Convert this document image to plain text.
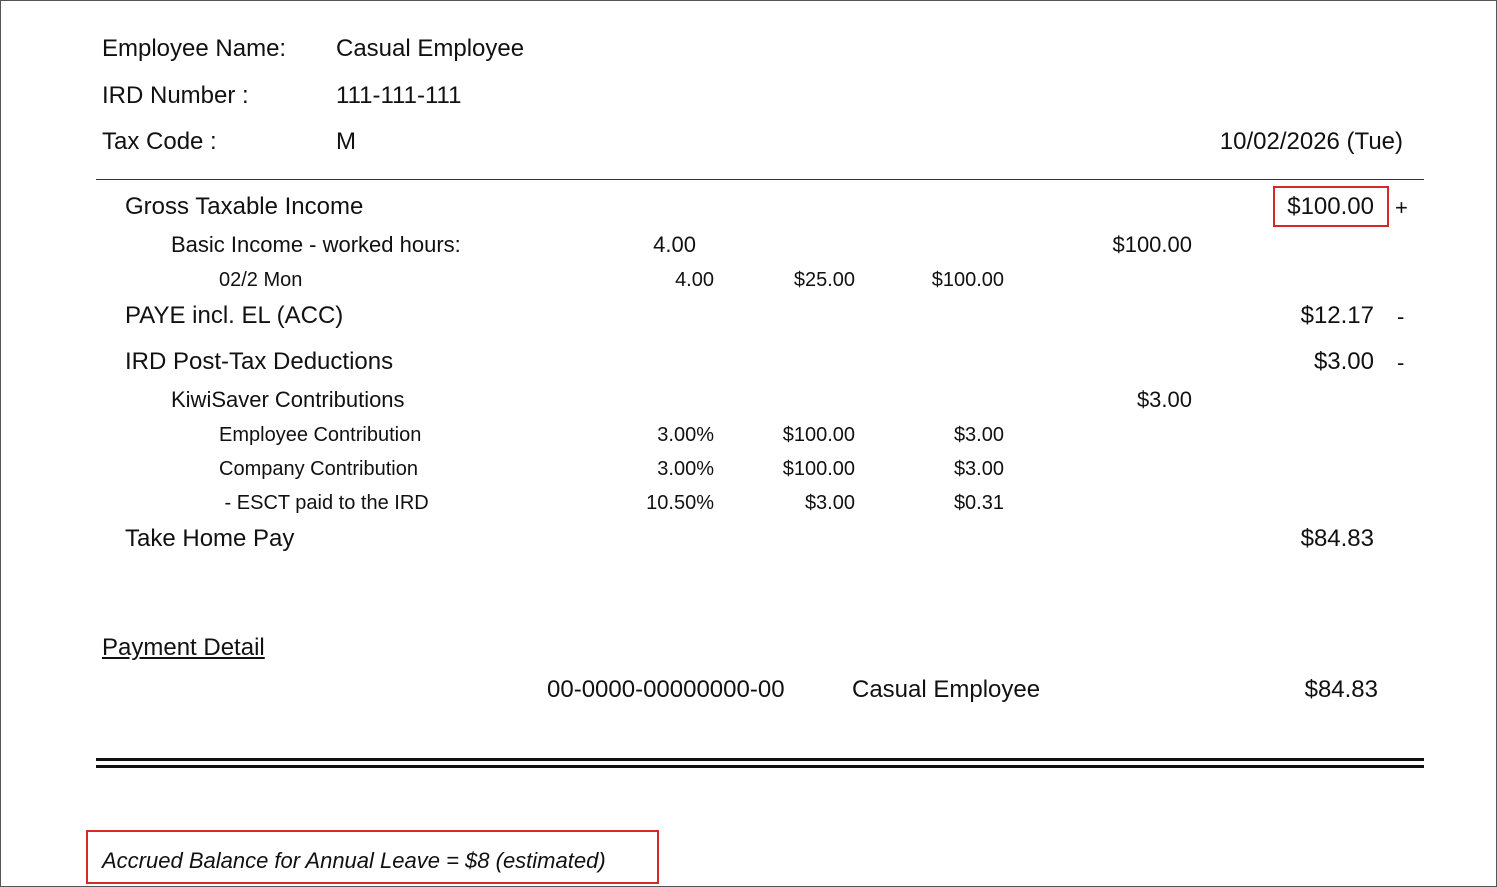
Employee Name: Casual Employee
IRD Number :	111-111-111
Tax Code :	M	10/02/2026 (Tue)
Gross Taxable Income	$100.00 +
Basic Income - worked hours:	4.00	$100.00
02/2 Mon	4.00	$25.00	$100.00
PAYE incl. EL (ACC)	$12.17 -
IRD Post-Tax Deductions	$3.00 -
KiwiSaver Contributions	$3.00
Employee Contribution	3.00%	$100.00	$3.00
Company Contribution	3.00%	$100.00	$3.00
- ESCT paid to the IRD	10.50%	$3.00	$0.31
Take Home Pay	$84.83
Payment Detail
00-0000-00000000-00	Casual Employee	$84.83
Accrued Balance for Annual Leave = $8 (estimated)
